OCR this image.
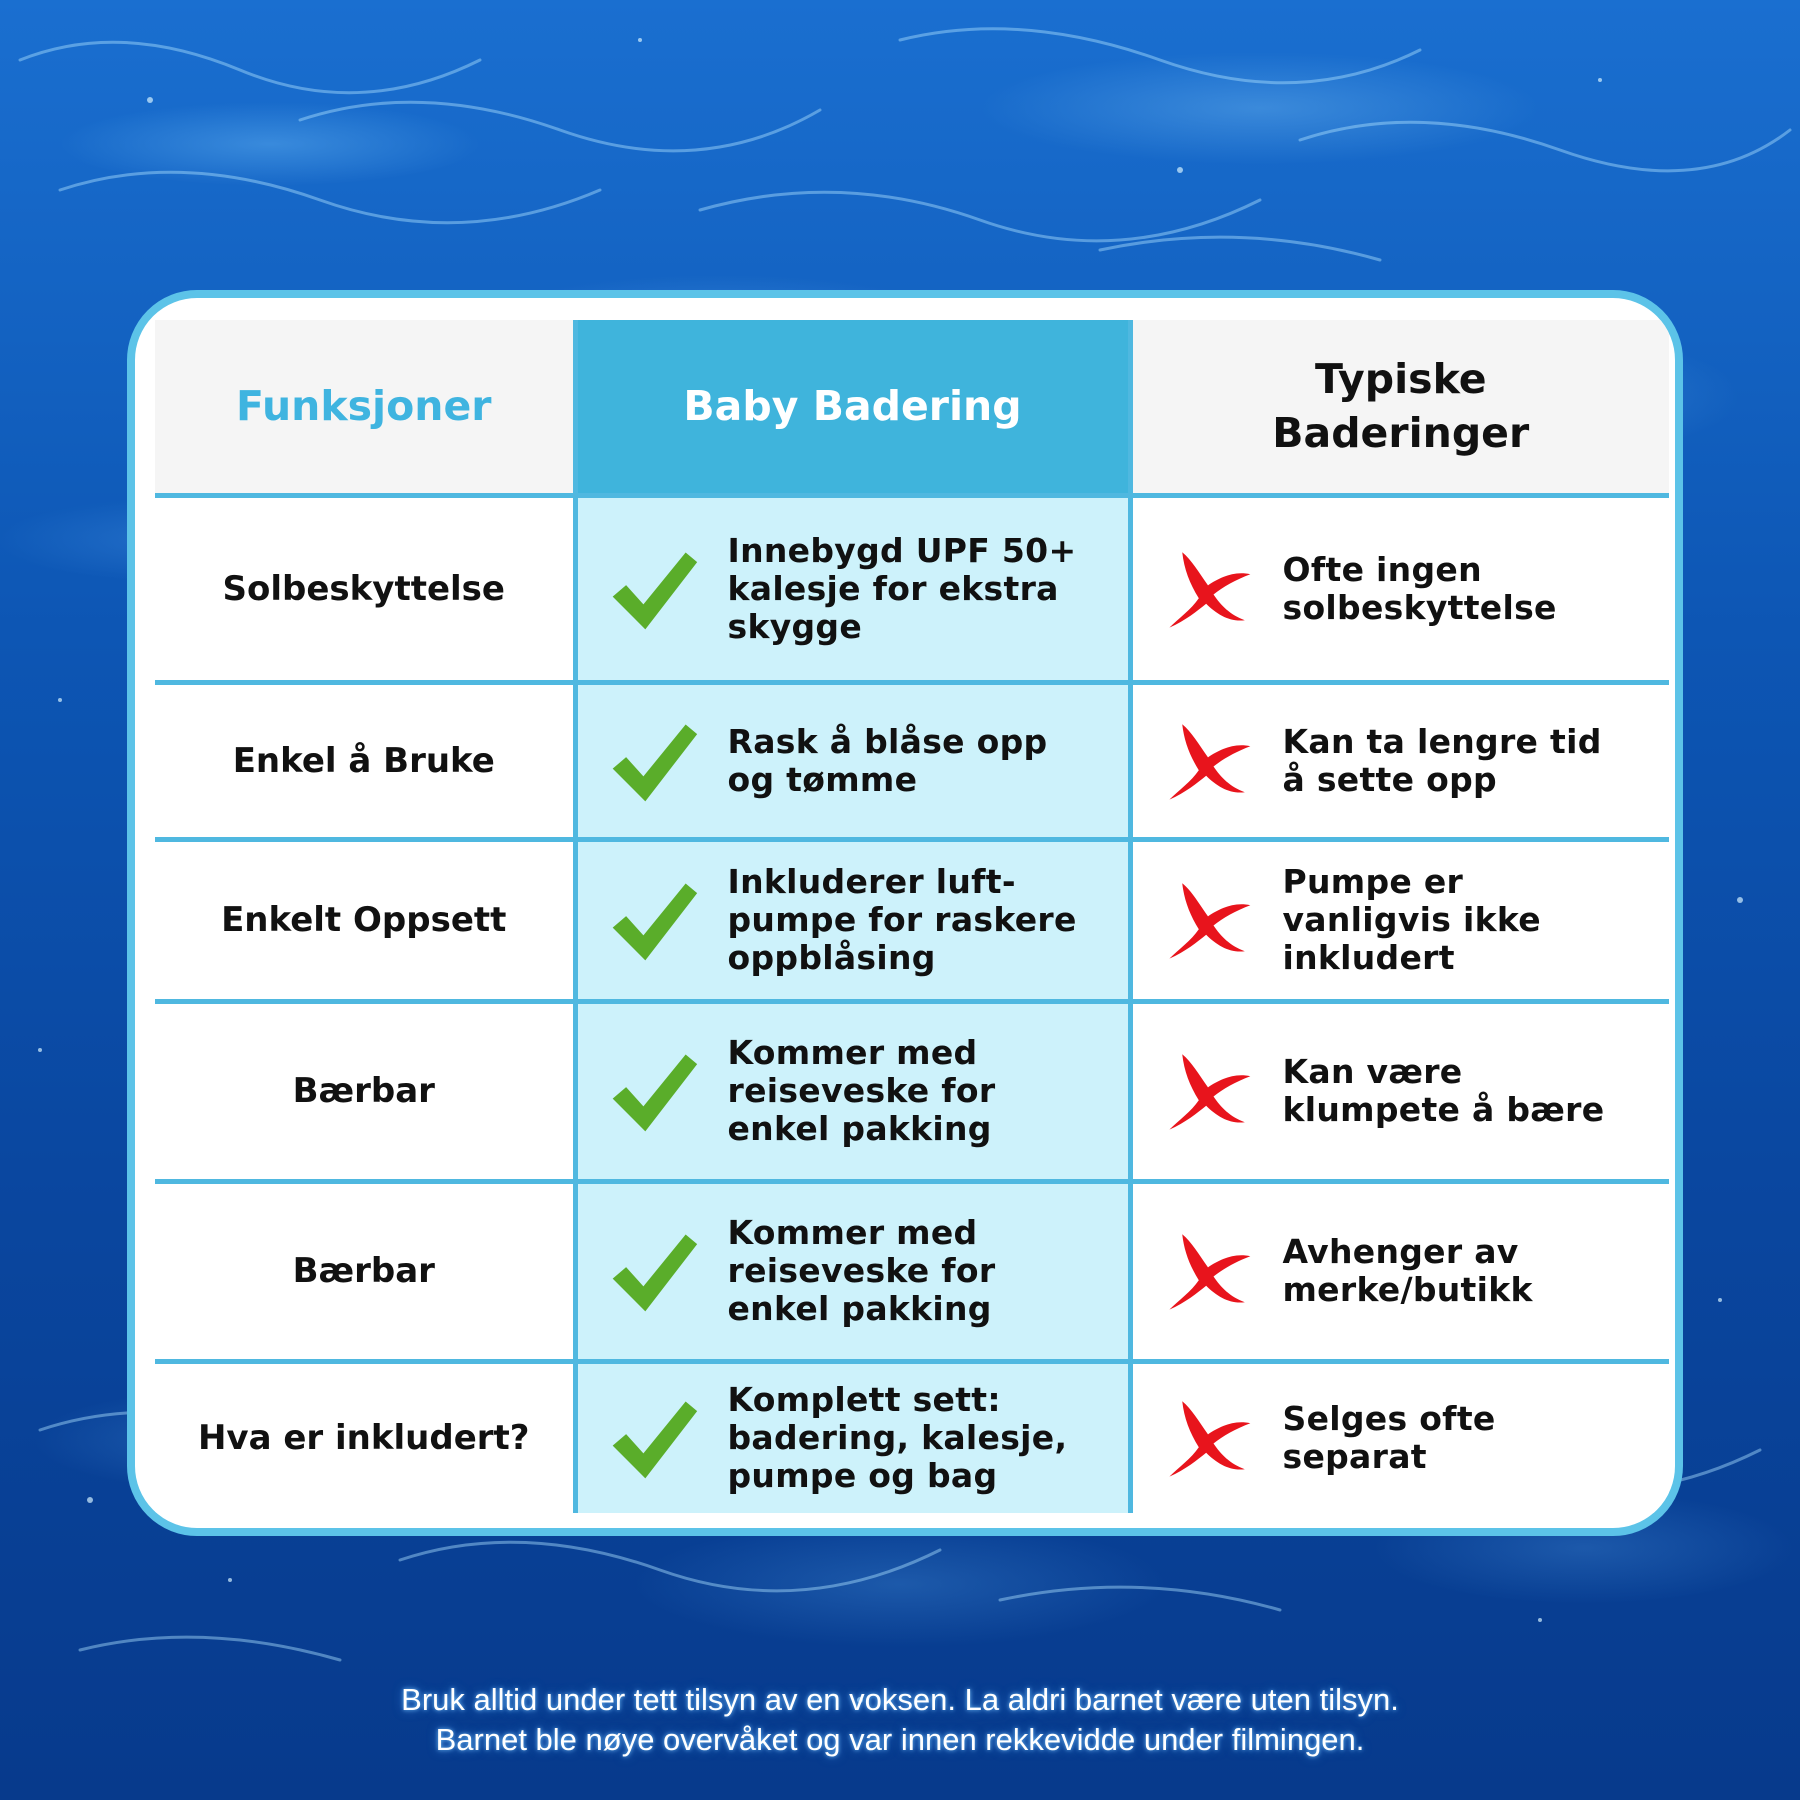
Funksjoner	Baby Badering	Typiske Baderinger

Solbeskyttelse	Innebygd UPF 50+ kalesje for ekstra skygge	Ofte ingen solbeskyttelse

Enkel å Bruke	Rask å blåse opp og tømme	Kan ta lengre tid å sette opp

Enkelt Oppsett	Inkluderer luft-pumpe for raskere oppblåsing	Pumpe er vanligvis ikke inkludert

Bærbar	Kommer med reiseveske for enkel pakking	Kan være klumpete å bære

Bærbar	Kommer med reiseveske for enkel pakking	Avhenger av merke/butikk

Hva er inkludert?	Komplett sett: badering, kalesje, pumpe og bag	Selges ofte separat
Bruk alltid under tett tilsyn av en voksen. La aldri barnet være uten tilsyn.
Barnet ble nøye overvåket og var innen rekkevidde under filmingen.
